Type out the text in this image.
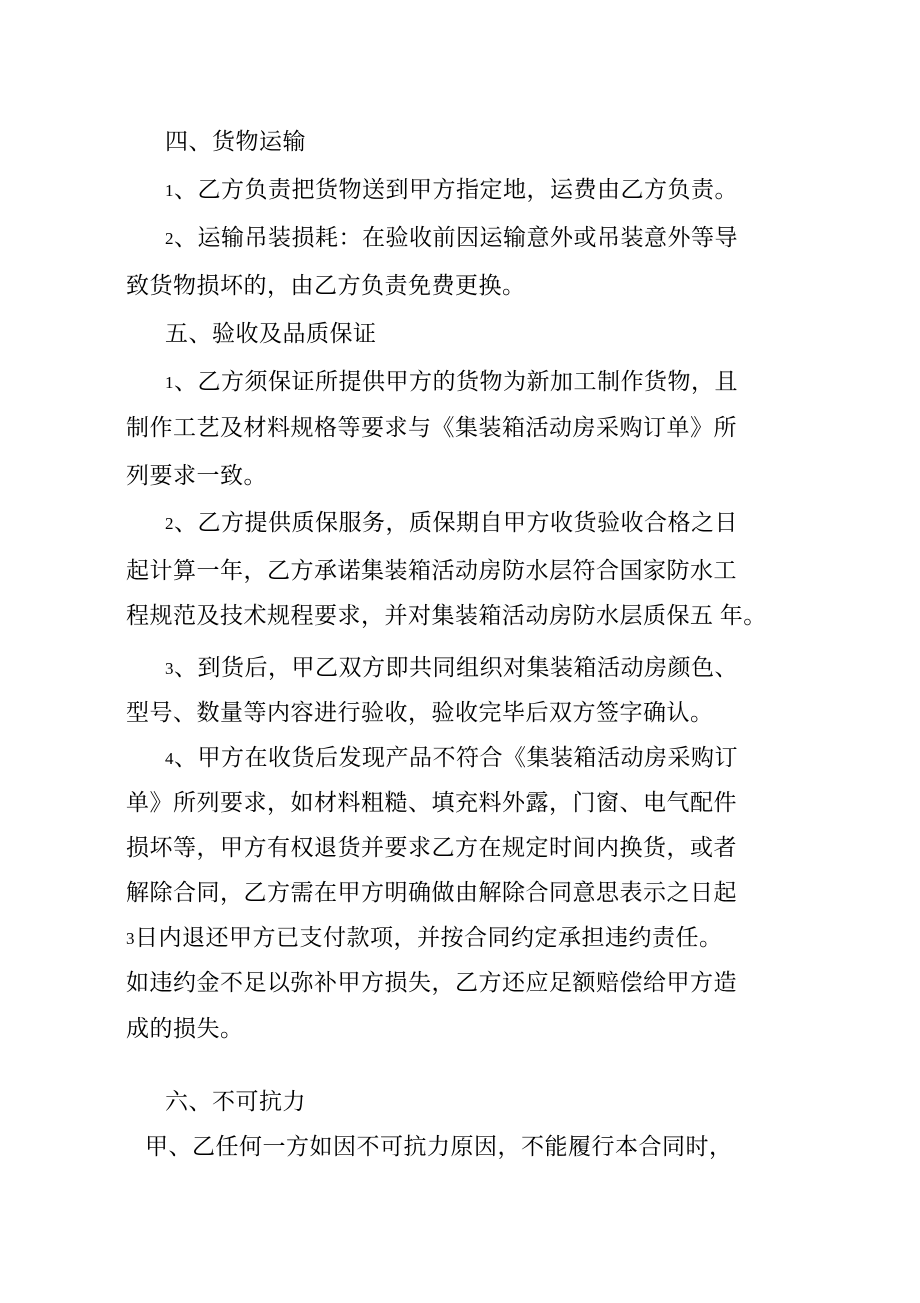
四、货物运输
1、乙方负责把货物送到甲方指定地，运费由乙方负责。
2、运输吊装损耗：在验收前因运输意外或吊装意外等导
致货物损坏的，由乙方负责免费更换。
五、验收及品质保证
1、乙方须保证所提供甲方的货物为新加工制作货物，且
制作工艺及材料规格等要求与《集装箱活动房采购订单》所
列要求一致。
2、乙方提供质保服务，质保期自甲方收货验收合格之日
起计算一年，乙方承诺集装箱活动房防水层符合国家防水工
程规范及技术规程要求，并对集装箱活动房防水层质保五 年。
3、到货后，甲乙双方即共同组织对集装箱活动房颜色、
型号、数量等内容进行验收，验收完毕后双方签字确认。
4、甲方在收货后发现产品不符合《集装箱活动房采购订
单》所列要求，如材料粗糙、填充料外露，门窗、电气配件
损坏等，甲方有权退货并要求乙方在规定时间内换货，或者
解除合同，乙方需在甲方明确做由解除合同意思表示之日起
3日内退还甲方已支付款项，并按合同约定承担违约责任。
如违约金不足以弥补甲方损失，乙方还应足额赔偿给甲方造
成的损失。
六、不可抗力
甲、乙任何一方如因不可抗力原因，不能履行本合同时，
